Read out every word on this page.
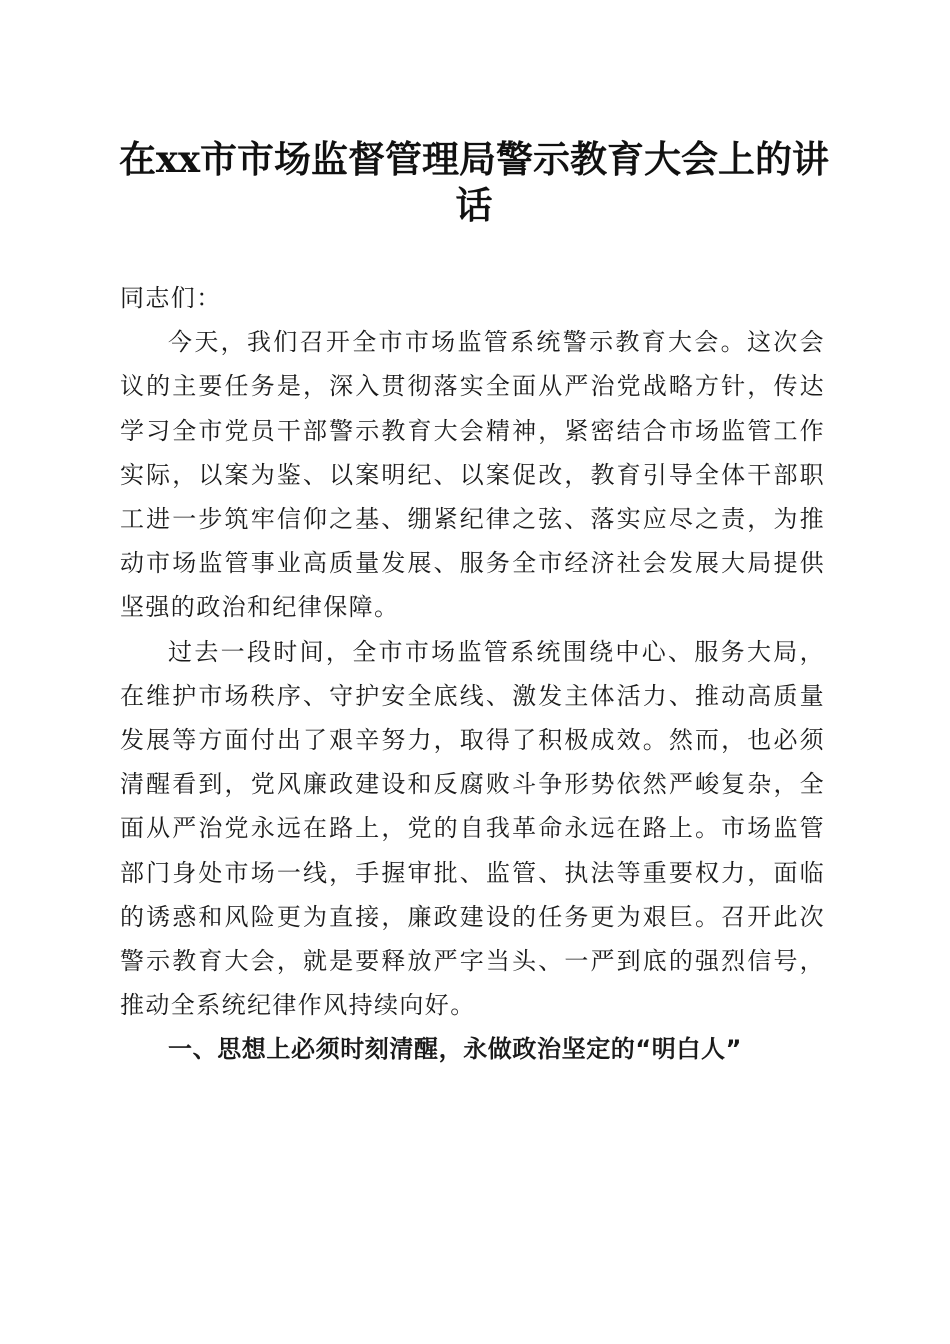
在xx市市场监督管理局警示教育大会上的讲话

同志们：

今天，我们召开全市市场监管系统警示教育大会。这次会议的主要任务是，深入贯彻落实全面从严治党战略方针，传达学习全市党员干部警示教育大会精神，紧密结合市场监管工作实际，以案为鉴、以案明纪、以案促改，教育引导全体干部职工进一步筑牢信仰之基、绷紧纪律之弦、落实应尽之责，为推动市场监管事业高质量发展、服务全市经济社会发展大局提供坚强的政治和纪律保障。

过去一段时间，全市市场监管系统围绕中心、服务大局，在维护市场秩序、守护安全底线、激发主体活力、推动高质量发展等方面付出了艰辛努力，取得了积极成效。然而，也必须清醒看到，党风廉政建设和反腐败斗争形势依然严峻复杂，全面从严治党永远在路上，党的自我革命永远在路上。市场监管部门身处市场一线，手握审批、监管、执法等重要权力，面临的诱惑和风险更为直接，廉政建设的任务更为艰巨。召开此次警示教育大会，就是要释放严字当头、一严到底的强烈信号，推动全系统纪律作风持续向好。

一、思想上必须时刻清醒，永做政治坚定的“明白人”
